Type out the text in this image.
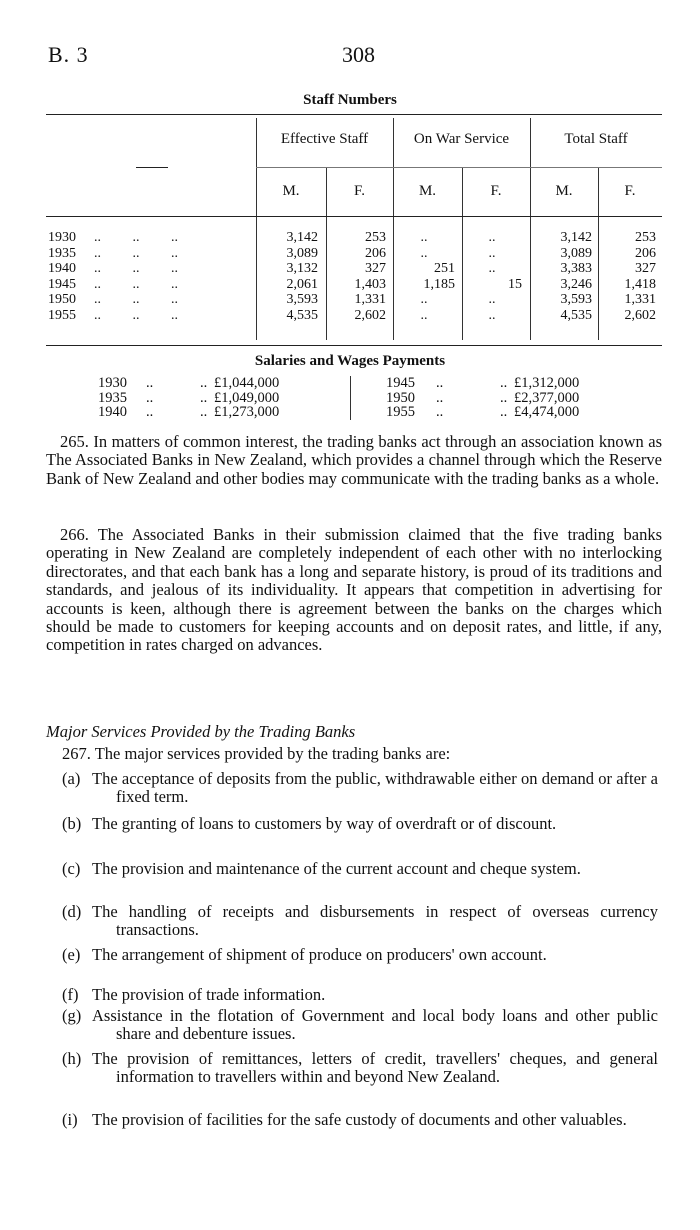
B. 3	308
Staff Numbers
Effective Staff	On War Service	Total Staff
M.	F.	M.	F.	M.	F.
1930	..         ..         ..	3,142	253	..	..	3,142	253
1935	..         ..         ..	3,089	206	..	..	3,089	206
1940	..         ..         ..	3,132	327	251	..	3,383	327
1945	..         ..         ..	2,061	1,403	1,185	15	3,246	1,418
1950	..         ..         ..	3,593	1,331	..	..	3,593	1,331
1955	..         ..         ..	4,535	2,602	..	..	4,535	2,602
Salaries and Wages Payments
1930 ..	.. £1,044,000
1935 ..	.. £1,049,000
1940 ..	.. £1,273,000
1945 ..	.. £1,312,000
1950 ..	.. £2,377,000
1955 ..	.. £4,474,000

265. In matters of common interest, the trading banks act through an association known as The Associated Banks in New Zealand, which provides a channel through which the Reserve Bank of New Zealand and other bodies may communicate with the trading banks as a whole.

266. The Associated Banks in their submission claimed that the five trading banks operating in New Zealand are completely independent of each other with no interlocking directorates, and that each bank has a long and separate history, is proud of its traditions and standards, and jealous of its individuality. It appears that competition in advertising for accounts is keen, although there is agreement between the banks on the charges which should be made to customers for keeping accounts and on deposit rates, and little, if any, competition in rates charged on advances.

Major Services Provided by the Trading Banks
267. The major services provided by the trading banks are:
(a) The acceptance of deposits from the public, withdrawable either on demand or after a fixed term.
(b) The granting of loans to customers by way of overdraft or of discount.
(c) The provision and maintenance of the current account and cheque system.
(d) The handling of receipts and disbursements in respect of overseas currency transactions.
(e) The arrangement of shipment of produce on producers' own account.
(f) The provision of trade information.
(g) Assistance in the flotation of Government and local body loans and other public share and debenture issues.
(h) The provision of remittances, letters of credit, travellers' cheques, and general information to travellers within and beyond New Zealand.
(i) The provision of facilities for the safe custody of documents and other valuables.
